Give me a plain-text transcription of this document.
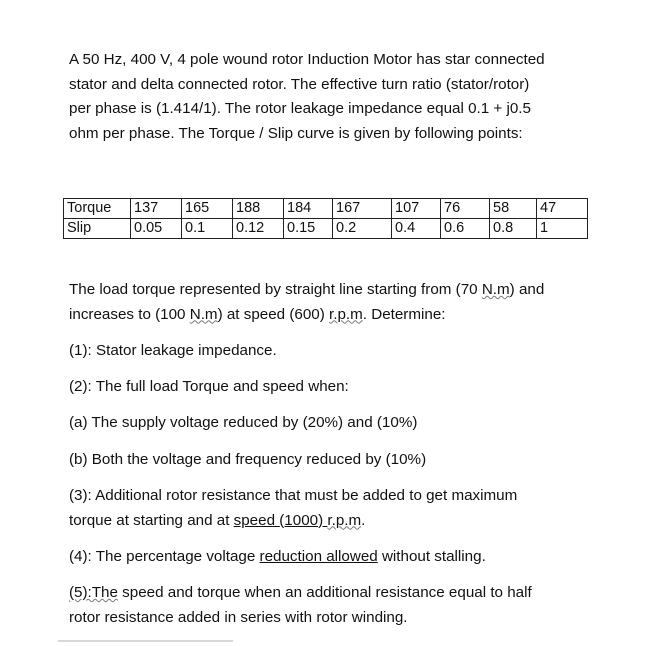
A 50 Hz, 400 V, 4 pole wound rotor Induction Motor has star connected
stator and delta connected rotor. The effective turn ratio (stator/rotor)
per phase is (1.414/1). The rotor leakage impedance equal 0.1 + j0.5
ohm per phase. The Torque / Slip curve is given by following points:

Torque	137	165	188	184	167	107	76	58	47
Slip	0.05	0.1	0.12	0.15	0.2	0.4	0.6	0.8	1

The load torque represented by straight line starting from (70 N.m) and
increases to (100 N.m) at speed (600) r.p.m. Determine:

(1): Stator leakage impedance.

(2): The full load Torque and speed when:

(a) The supply voltage reduced by (20%) and (10%)

(b) Both the voltage and frequency reduced by (10%)

(3): Additional rotor resistance that must be added to get maximum
torque at starting and at speed (1000) r.p.m.

(4): The percentage voltage reduction allowed without stalling.

(5):The speed and torque when an additional resistance equal to half
rotor resistance added in series with rotor winding.
